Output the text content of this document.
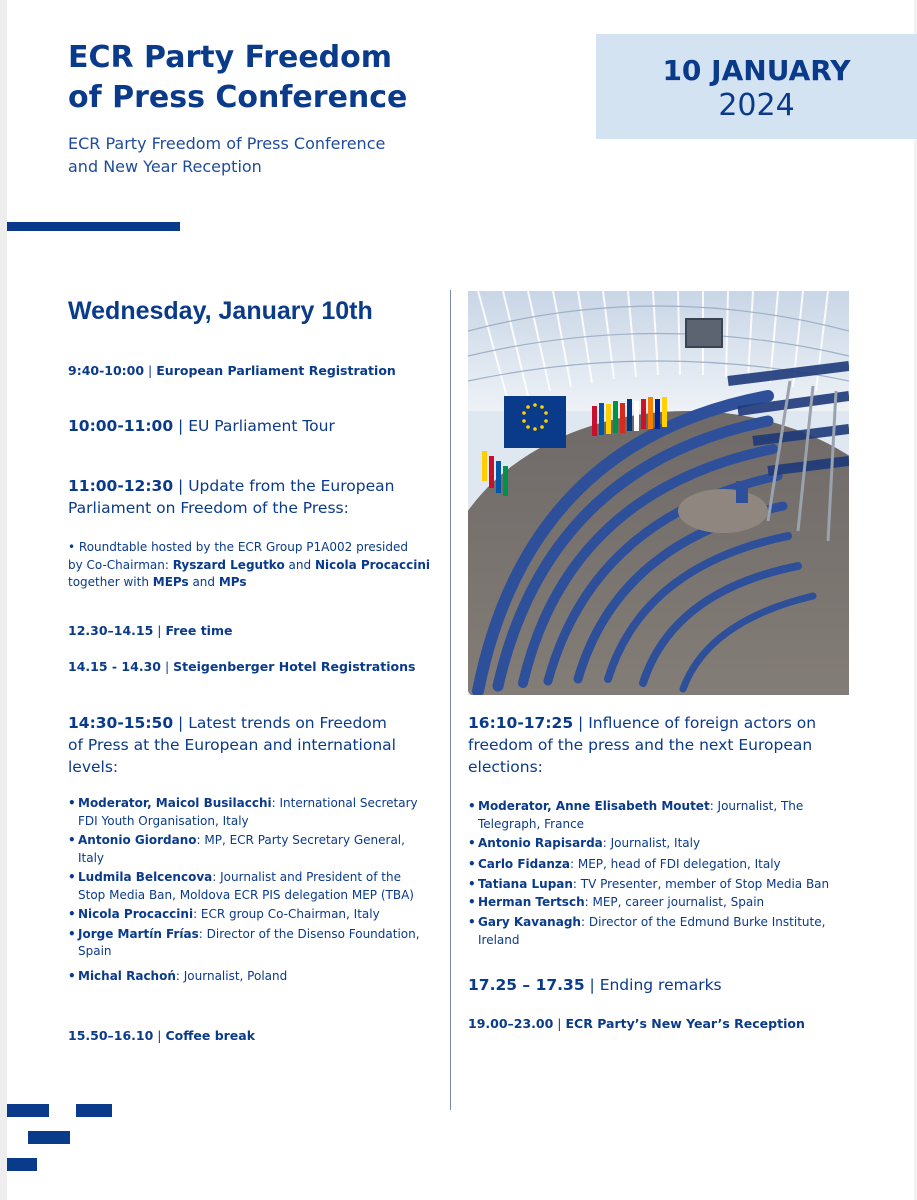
ECR Party Freedom
of Press Conference

ECR Party Freedom of Press Conference
and New Year Reception

10 JANUARY
2024
Wednesday, January 10th

9:40-10:00 | European Parliament Registration

10:00-11:00 | EU Parliament Tour

11:00-12:30 | Update from the European
Parliament on Freedom of the Press:

• Roundtable hosted by the ECR Group P1A002 presided
by Co-Chairman: Ryszard Legutko and Nicola Procaccini
together with MEPs and MPs

12.30–14.15 | Free time

14.15 - 14.30 | Steigenberger Hotel Registrations

14:30-15:50 | Latest trends on Freedom
of Press at the European and international
levels:

• Moderator, Maicol Busilacchi: International Secretary
FDI Youth Organisation, Italy
• Antonio Giordano: MP, ECR Party Secretary General,
Italy
• Ludmila Belcencova: Journalist and President of the
Stop Media Ban, Moldova ECR PIS delegation MEP (TBA)
• Nicola Procaccini: ECR group Co-Chairman, Italy
• Jorge Martín Frías: Director of the Disenso Foundation,
Spain
• Michal Rachoń: Journalist, Poland

15.50–16.10 | Coffee break

16:10-17:25 | Influence of foreign actors on
freedom of the press and the next European
elections:

• Moderator, Anne Elisabeth Moutet: Journalist, The
Telegraph, France
• Antonio Rapisarda: Journalist, Italy
• Carlo Fidanza: MEP, head of FDI delegation, Italy
• Tatiana Lupan: TV Presenter, member of Stop Media Ban
• Herman Tertsch: MEP, career journalist, Spain
• Gary Kavanagh: Director of the Edmund Burke Institute,
Ireland

17.25 – 17.35 | Ending remarks

19.00–23.00 | ECR Party’s New Year’s Reception
